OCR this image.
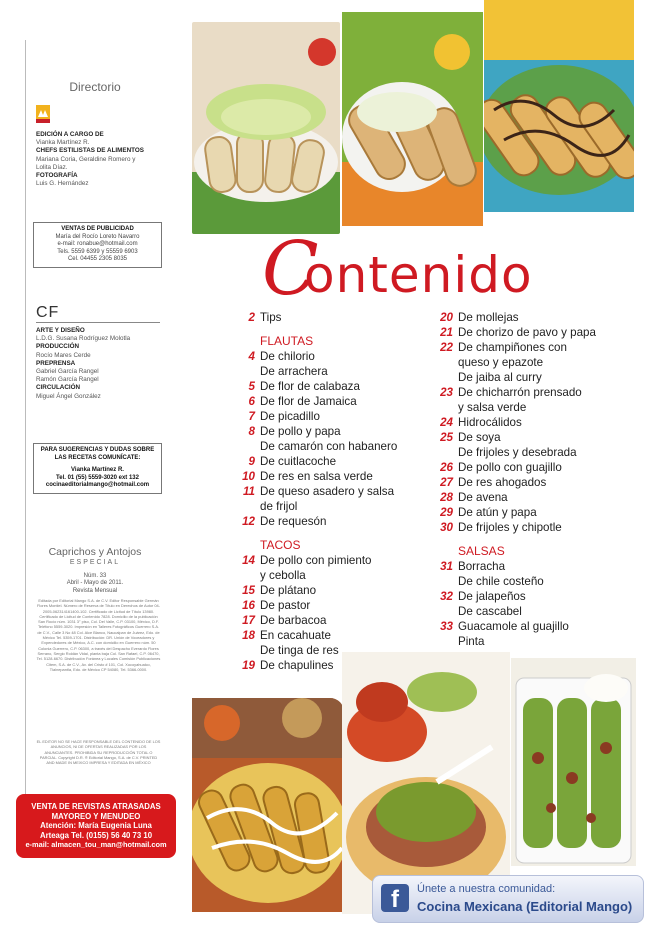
Directorio
EDICIÓN A CARGO DE
Vianka Martínez R.
CHEFS ESTILISTAS DE ALIMENTOS
Mariana Coria, Geraldine Romero y Lolita Díaz.
FOTOGRAFÍA
Luis G. Hernández
VENTAS DE PUBLICIDAD
María del Rocío Loreto Navarro
e-mail: ronabue@hotmail.com
Tels. 5559 6399 y 55559 6903
Cel. 04455 2305 8035
CF
ARTE Y DISEÑO
L.D.G. Susana Rodríguez Molotla
PRODUCCIÓN
Rocío Mares Cerde
PREPRENSA
Gabriel García Rangel
Ramón García Rangel
CIRCULACIÓN
Miguel Ángel González
PARA SUGERENCIAS Y DUDAS SOBRE LAS RECETAS COMUNÍCATE:
Vianka Martínez R.
Tel. 01 (55) 5559-3020 ext 132
cocinaeditorialmango@hotmail.com
Caprichos y Antojos
ESPECIAL
Núm. 33
Abril - Mayo de 2011.
Revista Mensual
Editada por Editorial Mango S.A. de C.V. Editor Responsable Germán Flores Montiel. Número de Reserva de Título en Derechos de Autor 04-2005-062314161400-102. Certificado de Licitud de Título 13980. Certificado de Licitud de Contenido 7828. Domicilio de la publicación San Rocío núm. 1031 3° piso, Col. Del Valle, C.P. 03100, México, D.F. Teléfono 5559-3020. Impresión en Talleres Fotográficos Guerrero S.A. de C.V., Calle 3 No 48 Col. Alce Blanco, Naucalpan de Juárez, Edo. de México Tel. 5359-1701. Distribución: DR. Unión de Voceadores y Expendedores de México, A.C. con domicilio en Guerrero núm. 50 Colonia Guerrero, C.P. 06300, a través del Despacho Everardo Flores Serrano, Sergio Roldán Vidal, planta baja Col. San Rafael, C.P. 06470, Tel. 5128-6670. Distribución Foránea y Locales Comisión Publicaciones Citem, S.A. de C.V., Av. del Cristo # 101, Col. Xocoyahualco, Tlalnepantla, Edo. de México CP 54080, Tel. 5366-0000.
EL EDITOR NO SE HACE RESPONSABLE DEL CONTENIDO DE LOS ANUNCIOS, NI DE OFERTAS REALIZADAS POR LOS ANUNCIANTES. PROHIBIDA SU REPRODUCCIÓN TOTAL O PARCIAL. Copyright D.R. ® Editorial Mango, S.A. de C.V. PRINTED AND MADE IN MEXICO IMPRESA Y EDITADA EN MÉXICO
VENTA DE REVISTAS ATRASADAS
MAYOREO Y MENUDEO
Atención: María Eugenia Luna
Arteaga Tel. (0155) 56 40 73 10
e-mail: almacen_tou_man@hotmail.com
C
ontenido
2 Tips
FLAUTAS
4 De chilorio
De arrachera
5 De flor de calabaza
6 De flor de Jamaica
7 De picadillo
8 De pollo y papa
De camarón con habanero
9 De cuitlacoche
10 De res en salsa verde
11 De queso asadero y salsa
de frijol
12 De requesón
TACOS
14 De pollo con pimiento
y cebolla
15 De plátano
16 De pastor
17 De barbacoa
18 En cacahuate
De tinga de res
19 De chapulines
20 De mollejas
21 De chorizo de pavo y papa
22 De champiñones con
queso y epazote
De jaiba al curry
23 De chicharrón prensado
y salsa verde
24 Hidrocálidos
25 De soya
De frijoles y desebrada
26 De pollo con guajillo
27 De res ahogados
28 De avena
29 De atún y papa
30 De frijoles y chipotle
SALSAS
31 Borracha
De chile costeño
32 De jalapeños
De cascabel
33 Guacamole al guajillo
Pinta
f	Únete a nuestra comunidad:
Cocina Mexicana (Editorial Mango)
